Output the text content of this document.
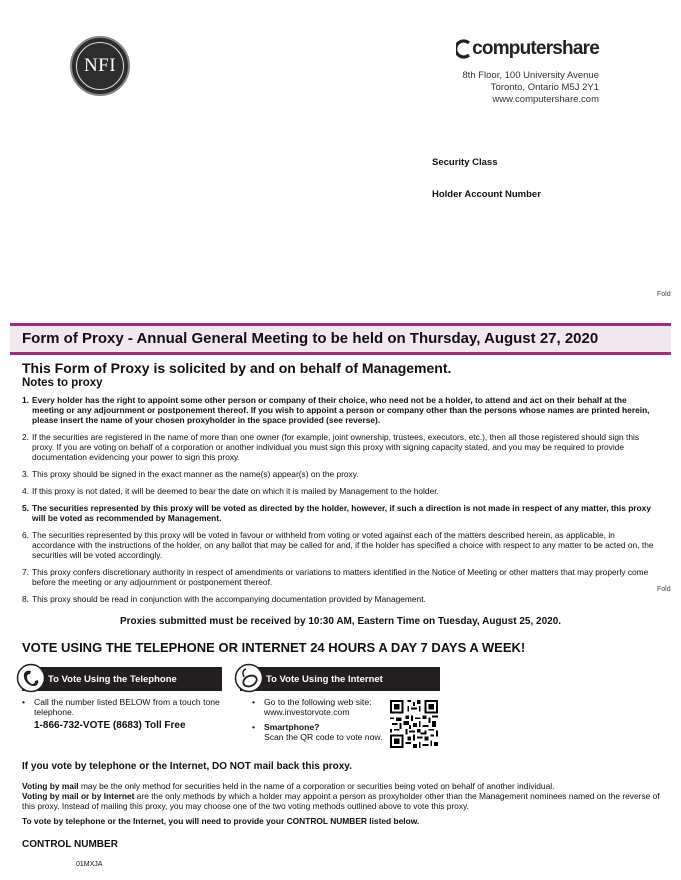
NFI
computershare
8th Floor, 100 University Avenue
Toronto, Ontario M5J 2Y1
www.computershare.com
Security Class
Holder Account Number
Fold
Form of Proxy - Annual General Meeting to be held on Thursday, August 27, 2020
This Form of Proxy is solicited by and on behalf of Management.
Notes to proxy
1. Every holder has the right to appoint some other person or company of their choice, who need not be a holder, to attend and act on their behalf at the meeting or any adjournment or postponement thereof. If you wish to appoint a person or company other than the persons whose names are printed herein, please insert the name of your chosen proxyholder in the space provided (see reverse).
2. If the securities are registered in the name of more than one owner (for example, joint ownership, trustees, executors, etc.), then all those registered should sign this proxy. If you are voting on behalf of a corporation or another individual you must sign this proxy with signing capacity stated, and you may be required to provide documentation evidencing your power to sign this proxy.
3. This proxy should be signed in the exact manner as the name(s) appear(s) on the proxy.
4. If this proxy is not dated, it will be deemed to bear the date on which it is mailed by Management to the holder.
5. The securities represented by this proxy will be voted as directed by the holder, however, if such a direction is not made in respect of any matter, this proxy will be voted as recommended by Management.
6. The securities represented by this proxy will be voted in favour or withheld from voting or voted against each of the matters described herein, as applicable, in accordance with the instructions of the holder, on any ballot that may be called for and, if the holder has specified a choice with respect to any matter to be acted on, the securities will be voted accordingly.
7. This proxy confers discretionary authority in respect of amendments or variations to matters identified in the Notice of Meeting or other matters that may properly come before the meeting or any adjournment or postponement thereof.
8. This proxy should be read in conjunction with the accompanying documentation provided by Management.
Fold
Proxies submitted must be received by 10:30 AM, Eastern Time on Tuesday, August 25, 2020.
VOTE USING THE TELEPHONE OR INTERNET 24 HOURS A DAY 7 DAYS A WEEK!
To Vote Using the Telephone
•	Call the number listed BELOW from a touch tone telephone.
1-866-732-VOTE (8683) Toll Free
To Vote Using the Internet
•	Go to the following web site:
www.investorvote.com
•	Smartphone?
Scan the QR code to vote now.
If you vote by telephone or the Internet, DO NOT mail back this proxy.
Voting by mail may be the only method for securities held in the name of a corporation or securities being voted on behalf of another individual.
Voting by mail or by Internet are the only methods by which a holder may appoint a person as proxyholder other than the Management nominees named on the reverse of this proxy. Instead of mailing this proxy, you may choose one of the two voting methods outlined above to vote this proxy.
To vote by telephone or the Internet, you will need to provide your CONTROL NUMBER listed below.
CONTROL NUMBER
01MXJA
